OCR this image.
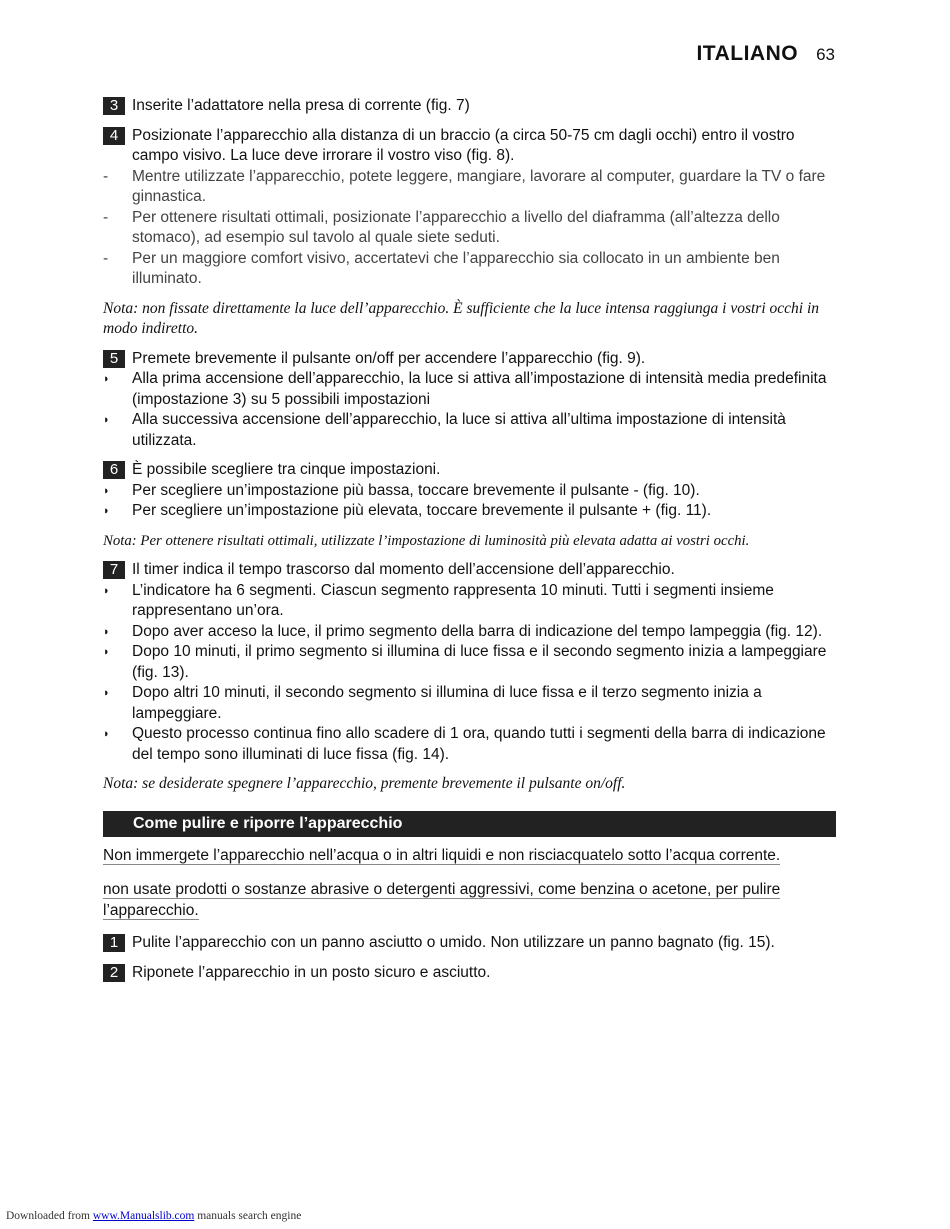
ITALIANO 63
3 Inserite l’adattatore nella presa di corrente (fig. 7)
4 Posizionate l’apparecchio alla distanza di un braccio (a circa 50-75 cm dagli occhi) entro il vostro campo visivo. La luce deve irrorare il vostro viso (fig. 8).
-	Mentre utilizzate l’apparecchio, potete leggere, mangiare, lavorare al computer, guardare la TV o fare ginnastica.
-	Per ottenere risultati ottimali, posizionate l’apparecchio a livello del diaframma (all’altezza dello stomaco), ad esempio sul tavolo al quale siete seduti.
-	Per un maggiore comfort visivo, accertatevi che l’apparecchio sia collocato in un ambiente ben illuminato.
Nota: non fissate direttamente la luce dell’apparecchio. È sufficiente che la luce intensa raggiunga i vostri occhi in modo indiretto.
5 Premete brevemente il pulsante on/off per accendere l’apparecchio (fig. 9).
◗	Alla prima accensione dell’apparecchio, la luce si attiva all’impostazione di intensità media predefinita (impostazione 3) su 5 possibili impostazioni
◗	Alla successiva accensione dell’apparecchio, la luce si attiva all’ultima impostazione di intensità utilizzata.
6 È possibile scegliere tra cinque impostazioni.
◗	Per scegliere un’impostazione più bassa, toccare brevemente il pulsante - (fig. 10).
◗	Per scegliere un’impostazione più elevata, toccare brevemente il pulsante + (fig. 11).
Nota: Per ottenere risultati ottimali, utilizzate l’impostazione di luminosità più elevata adatta ai vostri occhi.
7 Il timer indica il tempo trascorso dal momento dell’accensione dell’apparecchio.
◗	L’indicatore ha 6 segmenti. Ciascun segmento rappresenta 10 minuti. Tutti i segmenti insieme rappresentano un’ora.
◗	Dopo aver acceso la luce, il primo segmento della barra di indicazione del tempo lampeggia (fig. 12).
◗	Dopo 10 minuti, il primo segmento si illumina di luce fissa e il secondo segmento inizia a lampeggiare (fig. 13).
◗	Dopo altri 10 minuti, il secondo segmento si illumina di luce fissa e il terzo segmento inizia a lampeggiare.
◗	Questo processo continua fino allo scadere di 1 ora, quando tutti i segmenti della barra di indicazione del tempo sono illuminati di luce fissa (fig. 14).
Nota: se desiderate spegnere l’apparecchio, premente brevemente il pulsante on/off.
Come pulire e riporre l’apparecchio
Non immergete l’apparecchio nell’acqua o in altri liquidi e non risciacquatelo sotto l’acqua corrente.
non usate prodotti o sostanze abrasive o detergenti aggressivi, come benzina o acetone, per pulire l’apparecchio.
1 Pulite l’apparecchio con un panno asciutto o umido. Non utilizzare un panno bagnato (fig. 15).
2 Riponete l’apparecchio in un posto sicuro e asciutto.
Downloaded from www.Manualslib.com manuals search engine
